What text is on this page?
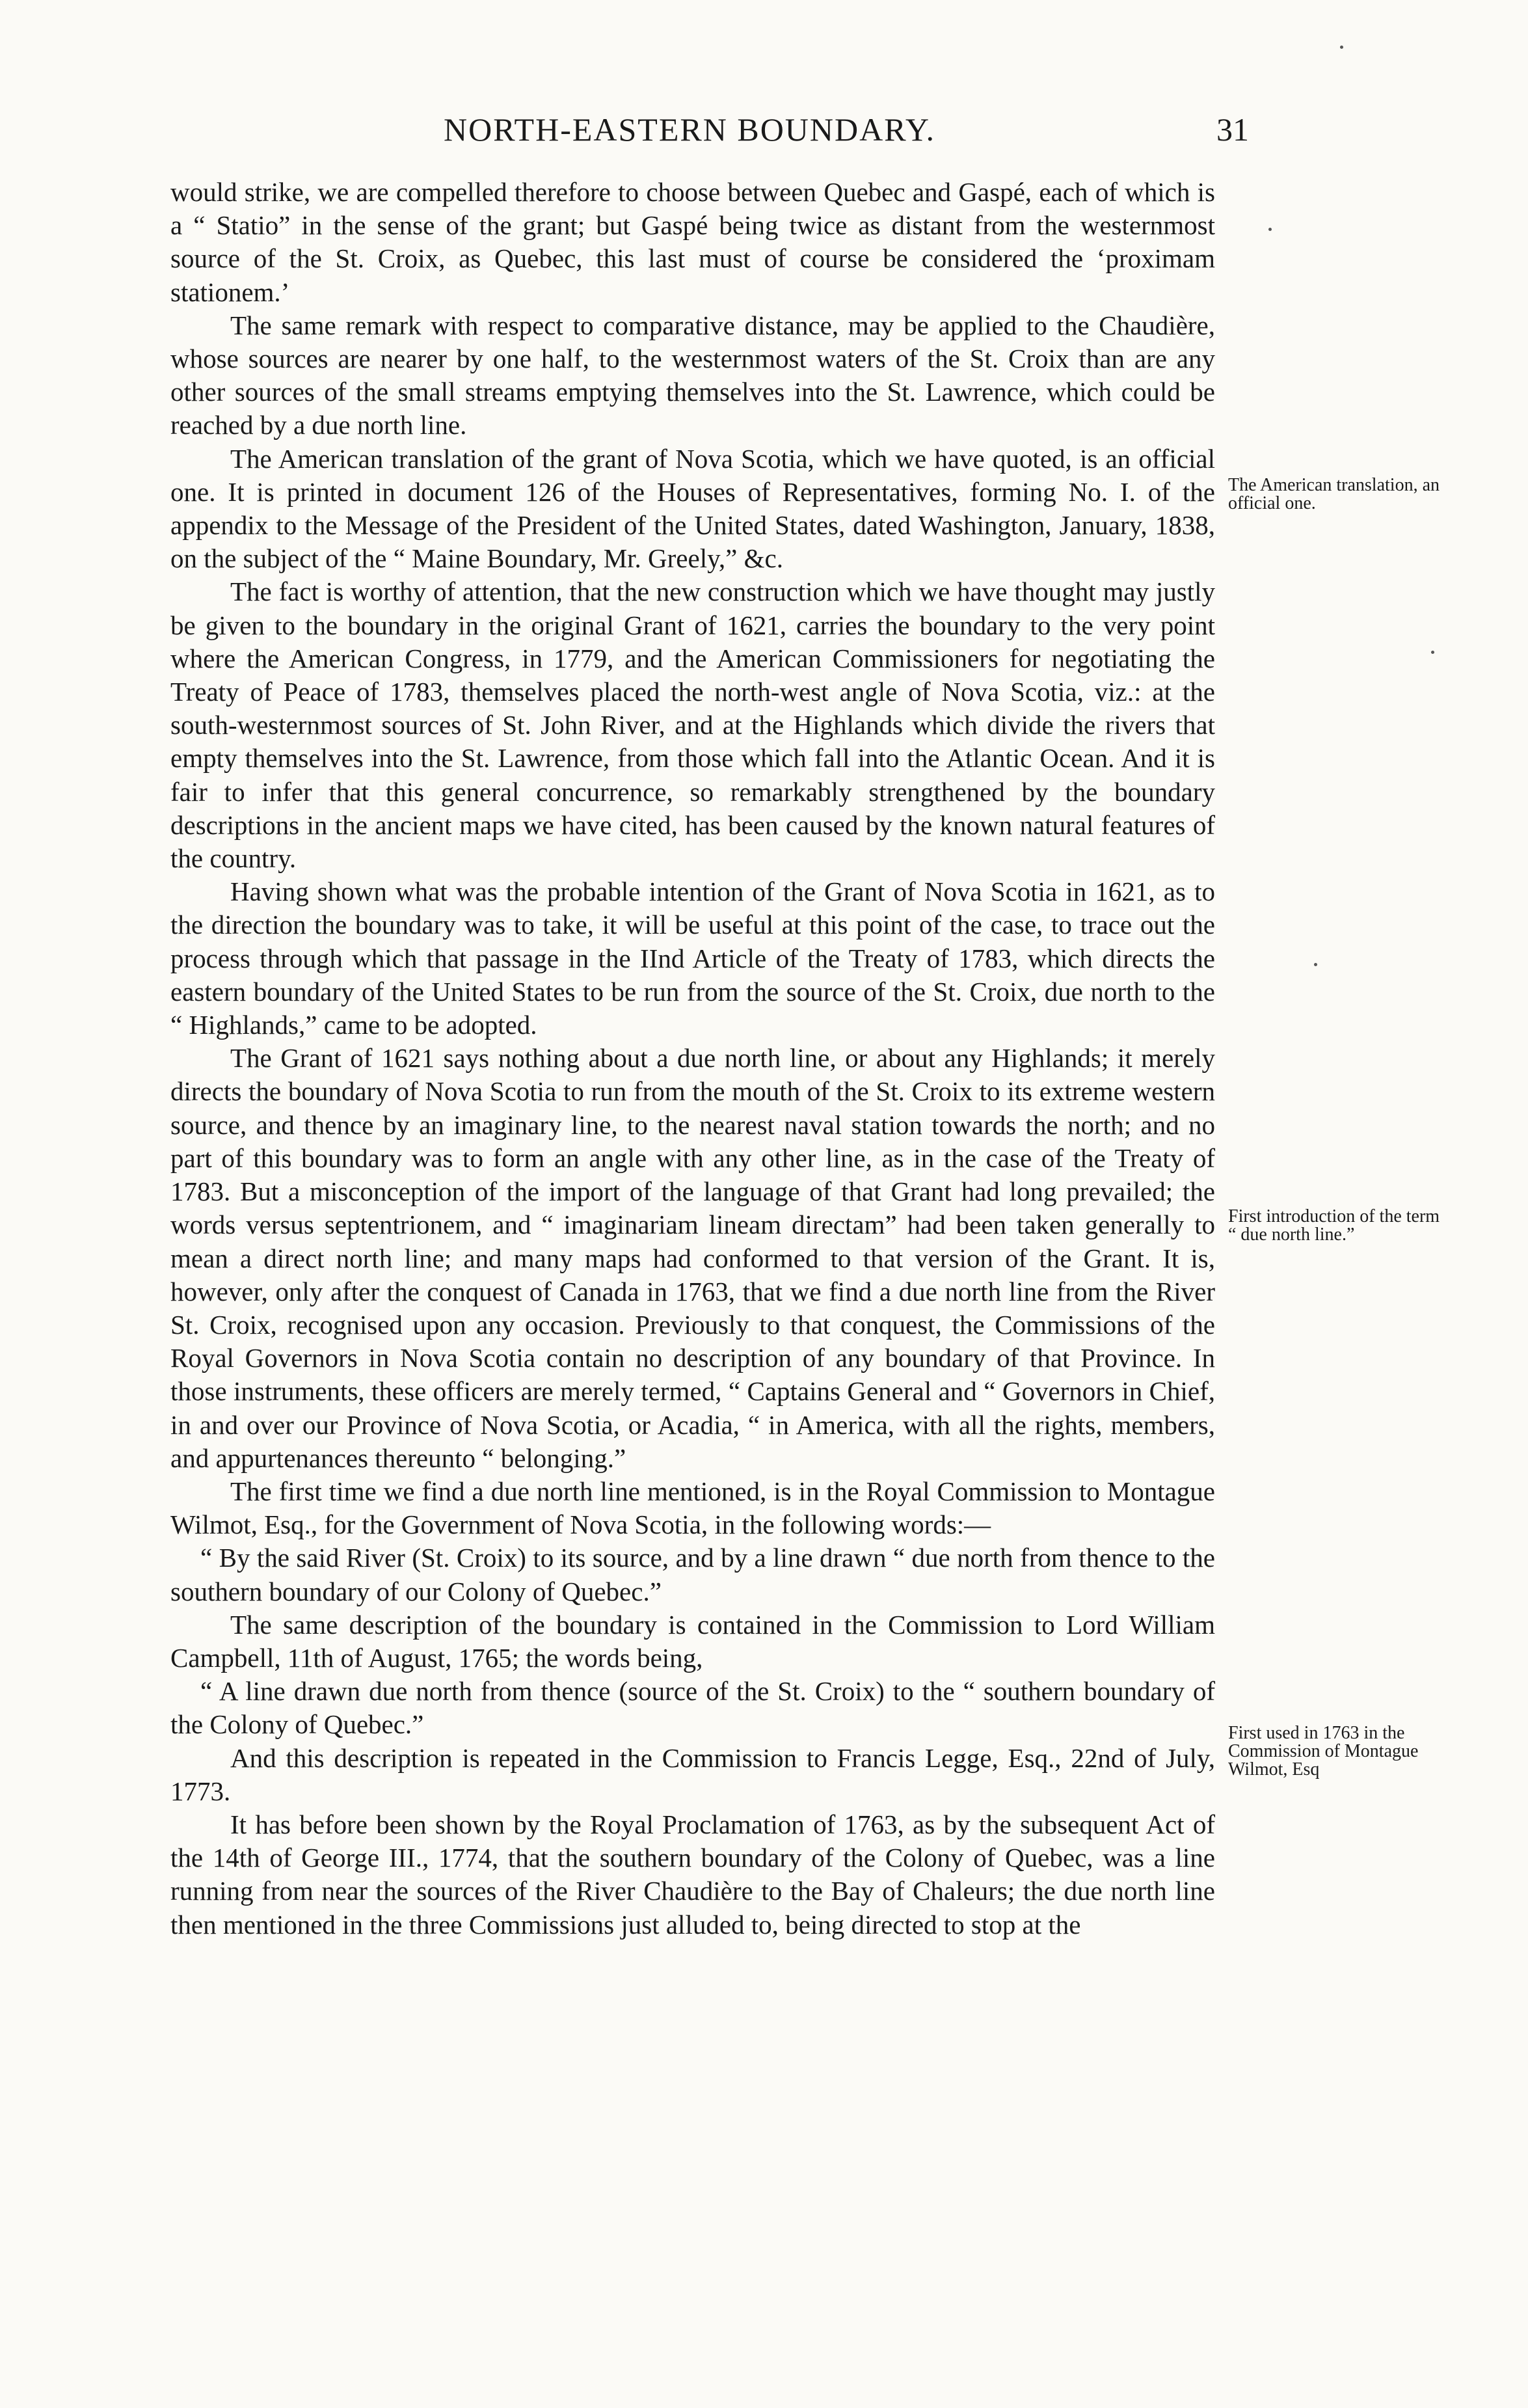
NORTH-EASTERN BOUNDARY.	31

would strike, we are compelled therefore to choose between Quebec and Gaspé, each of which is a “ Statio” in the sense of the grant; but Gaspé being twice as distant from the westernmost source of the St. Croix, as Quebec, this last must of course be considered the ‘proximam stationem.’

The same remark with respect to comparative distance, may be applied to the Chaudière, whose sources are nearer by one half, to the westernmost waters of the St. Croix than are any other sources of the small streams emptying themselves into the St. Lawrence, which could be reached by a due north line.

The American translation of the grant of Nova Scotia, which we have quoted, is an official one. It is printed in document 126 of the Houses of Representatives, forming No. I. of the appendix to the Message of the President of the United States, dated Washington, January, 1838, on the subject of the “ Maine Boundary, Mr. Greely,” &c.

The fact is worthy of attention, that the new construction which we have thought may justly be given to the boundary in the original Grant of 1621, carries the boundary to the very point where the American Congress, in 1779, and the American Commissioners for negotiating the Treaty of Peace of 1783, themselves placed the north-west angle of Nova Scotia, viz.: at the south-westernmost sources of St. John River, and at the Highlands which divide the rivers that empty themselves into the St. Lawrence, from those which fall into the Atlantic Ocean. And it is fair to infer that this general concurrence, so remarkably strengthened by the boundary descriptions in the ancient maps we have cited, has been caused by the known natural features of the country.

Having shown what was the probable intention of the Grant of Nova Scotia in 1621, as to the direction the boundary was to take, it will be useful at this point of the case, to trace out the process through which that passage in the IInd Article of the Treaty of 1783, which directs the eastern boundary of the United States to be run from the source of the St. Croix, due north to the “ Highlands,” came to be adopted.

The Grant of 1621 says nothing about a due north line, or about any Highlands; it merely directs the boundary of Nova Scotia to run from the mouth of the St. Croix to its extreme western source, and thence by an imaginary line, to the nearest naval station towards the north; and no part of this boundary was to form an angle with any other line, as in the case of the Treaty of 1783. But a misconception of the import of the language of that Grant had long prevailed; the words versus septentrionem, and “ imaginariam lineam directam” had been taken generally to mean a direct north line; and many maps had conformed to that version of the Grant. It is, however, only after the conquest of Canada in 1763, that we find a due north line from the River St. Croix, recognised upon any occasion. Previously to that conquest, the Commissions of the Royal Governors in Nova Scotia contain no description of any boundary of that Province. In those instruments, these officers are merely termed, “ Captains General and “ Governors in Chief, in and over our Province of Nova Scotia, or Acadia, “ in America, with all the rights, members, and appurtenances thereunto “ belonging.”

The first time we find a due north line mentioned, is in the Royal Commission to Montague Wilmot, Esq., for the Government of Nova Scotia, in the following words:—

“ By the said River (St. Croix) to its source, and by a line drawn “ due north from thence to the southern boundary of our Colony of Quebec.”

The same description of the boundary is contained in the Commission to Lord William Campbell, 11th of August, 1765; the words being,

“ A line drawn due north from thence (source of the St. Croix) to the “ southern boundary of the Colony of Quebec.”

And this description is repeated in the Commission to Francis Legge, Esq., 22nd of July, 1773.

It has before been shown by the Royal Proclamation of 1763, as by the subsequent Act of the 14th of George III., 1774, that the southern boundary of the Colony of Quebec, was a line running from near the sources of the River Chaudière to the Bay of Chaleurs; the due north line then mentioned in the three Commissions just alluded to, being directed to stop at the

The American translation, an official one.
First introduction of the term “ due north line.”
First used in 1763 in the Commission of Montague Wilmot, Esq
